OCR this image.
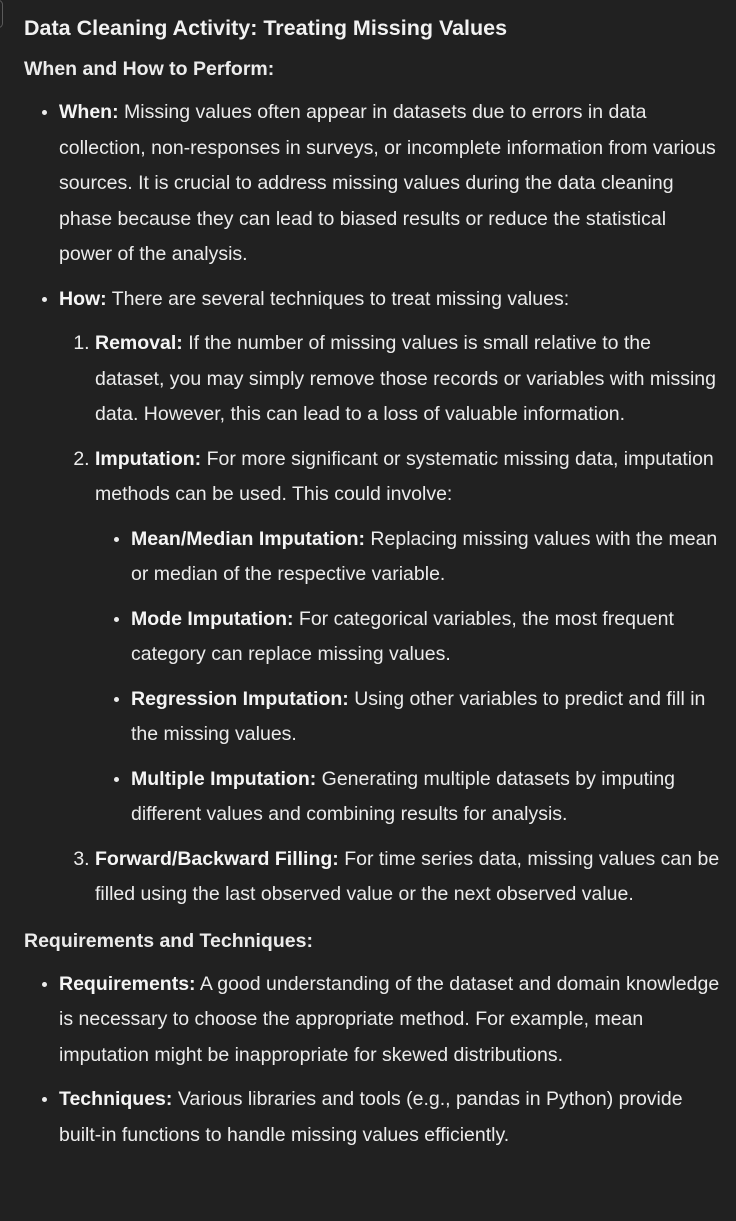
Data Cleaning Activity: Treating Missing Values
When and How to Perform:
• When: Missing values often appear in datasets due to errors in data collection, non-responses in surveys, or incomplete information from various sources. It is crucial to address missing values during the data cleaning phase because they can lead to biased results or reduce the statistical power of the analysis.
• How: There are several techniques to treat missing values:
1. Removal: If the number of missing values is small relative to the dataset, you may simply remove those records or variables with missing data. However, this can lead to a loss of valuable information.
2. Imputation: For more significant or systematic missing data, imputation methods can be used. This could involve:
• Mean/Median Imputation: Replacing missing values with the mean or median of the respective variable.
• Mode Imputation: For categorical variables, the most frequent category can replace missing values.
• Regression Imputation: Using other variables to predict and fill in the missing values.
• Multiple Imputation: Generating multiple datasets by imputing different values and combining results for analysis.
3. Forward/Backward Filling: For time series data, missing values can be filled using the last observed value or the next observed value.
Requirements and Techniques:
• Requirements: A good understanding of the dataset and domain knowledge is necessary to choose the appropriate method. For example, mean imputation might be inappropriate for skewed distributions.
• Techniques: Various libraries and tools (e.g., pandas in Python) provide built-in functions to handle missing values efficiently.
